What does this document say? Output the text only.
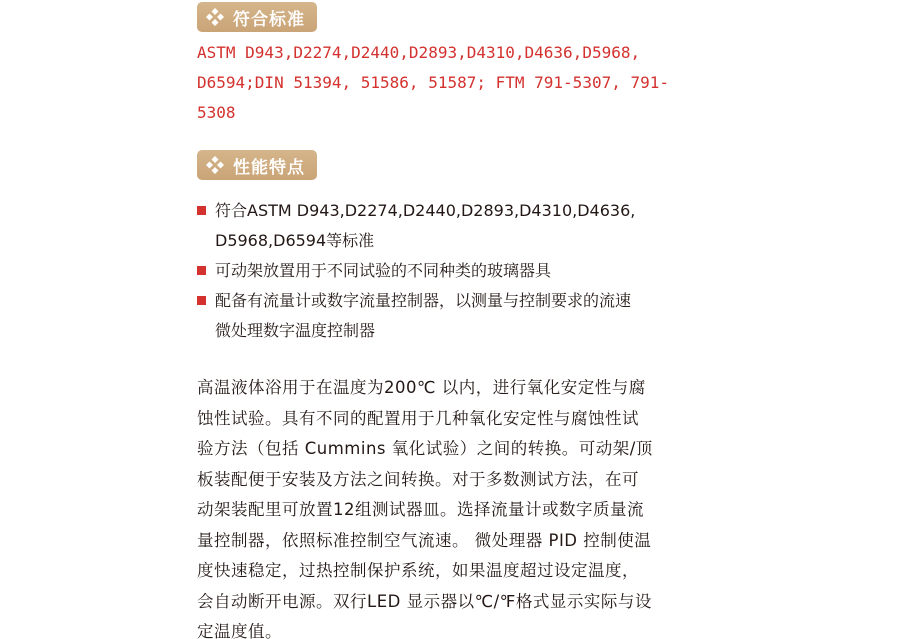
符合标准
ASTM D943,D2274,D2440,D2893,D4310,D4636,D5968,
D6594;DIN 51394, 51586, 51587; FTM 791-5307, 791-
5308
性能特点
符合ASTM D943,D2274,D2440,D2893,D4310,D4636,
D5968,D6594等标准
可动架放置用于不同试验的不同种类的玻璃器具
配备有流量计或数字流量控制器，以测量与控制要求的流速
微处理数字温度控制器
高温液体浴用于在温度为200℃ 以内，进行氧化安定性与腐
蚀性试验。具有不同的配置用于几种氧化安定性与腐蚀性试
验方法（包括 Cummins 氧化试验）之间的转换。可动架/顶
板装配便于安装及方法之间转换。对于多数测试方法，在可
动架装配里可放置12组测试器皿。选择流量计或数字质量流
量控制器，依照标准控制空气流速。 微处理器 PID 控制使温
度快速稳定，过热控制保护系统，如果温度超过设定温度，
会自动断开电源。双行LED 显示器以℃/℉格式显示实际与设
定温度值。
